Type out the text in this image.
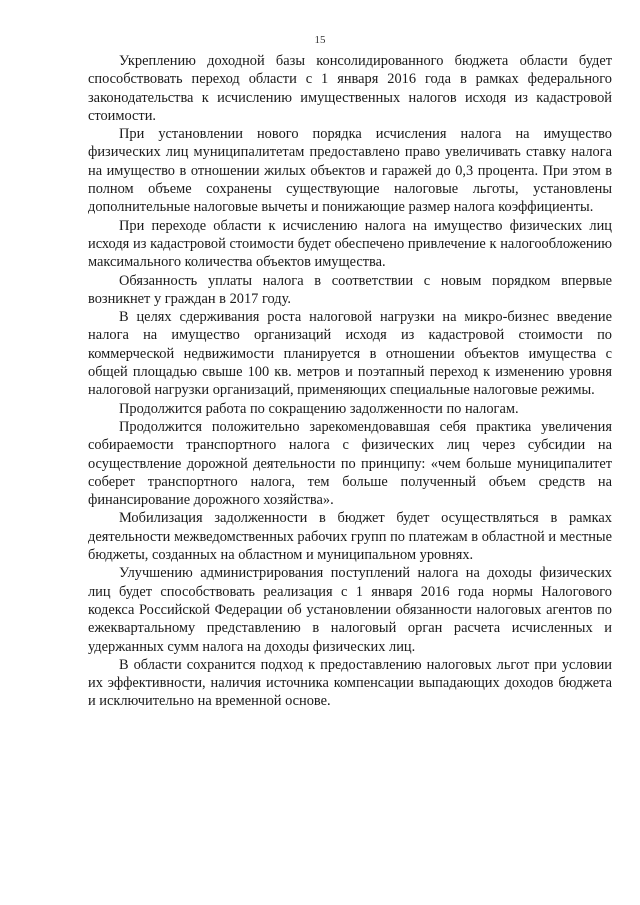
15

Укреплению доходной базы консолидированного бюджета области будет способствовать переход области с 1 января 2016 года в рамках федерального законодательства к исчислению имущественных налогов исходя из кадастровой стоимости.

При установлении нового порядка исчисления налога на имущество физических лиц муниципалитетам предоставлено право увеличивать ставку налога на имущество в отношении жилых объектов и гаражей до 0,3 процента. При этом в полном объеме сохранены существующие налоговые льготы, установлены дополнительные налоговые вычеты и понижающие размер налога коэффициенты.

При переходе области к исчислению налога на имущество физических лиц исходя из кадастровой стоимости будет обеспечено привлечение к налогообложению максимального количества объектов имущества.

Обязанность уплаты налога в соответствии с новым порядком впервые возникнет у граждан в 2017 году.

В целях сдерживания роста налоговой нагрузки на микро-бизнес введение налога на имущество организаций исходя из кадастровой стоимости по коммерческой недвижимости планируется в отношении объектов имущества с общей площадью свыше 100 кв. метров и поэтапный переход к изменению уровня налоговой нагрузки организаций, применяющих специальные налоговые режимы.

Продолжится работа по сокращению задолженности по налогам.

Продолжится положительно зарекомендовавшая себя практика увеличения собираемости транспортного налога с физических лиц через субсидии на осуществление дорожной деятельности по принципу: «чем больше муниципалитет соберет транспортного налога, тем больше полученный объем средств на финансирование дорожного хозяйства».

Мобилизация задолженности в бюджет будет осуществляться в рамках деятельности межведомственных рабочих групп по платежам в областной и местные бюджеты, созданных на областном и муниципальном уровнях.

Улучшению администрирования поступлений налога на доходы физических лиц будет способствовать реализация с 1 января 2016 года нормы Налогового кодекса Российской Федерации об установлении обязанности налоговых агентов по ежеквартальному представлению в налоговый орган расчета исчисленных и удержанных сумм налога на доходы физических лиц.

В области сохранится подход к предоставлению налоговых льгот при условии их эффективности, наличия источника компенсации выпадающих доходов бюджета и исключительно на временной основе.
